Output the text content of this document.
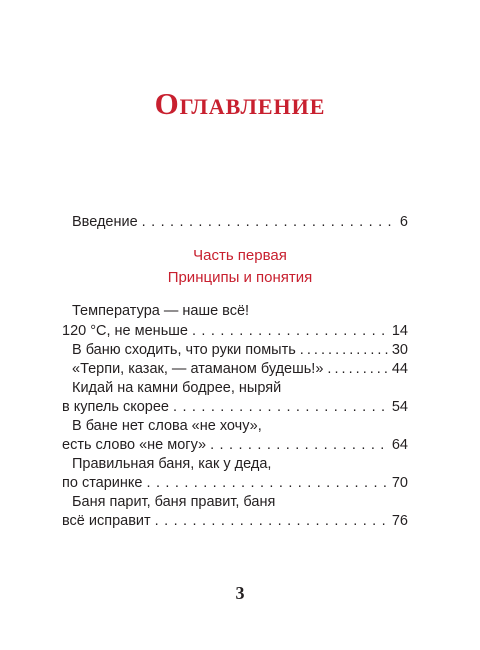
Оглавление
Введение . . .	6
Часть первая
Принципы и понятия
Температура — наше всё!
120 °С, не меньше . . .	14
В баню сходить, что руки помыть . . .	30
«Терпи, казак, — атаманом будешь!» . . .	44
Кидай на камни бодрее, ныряй
в купель скорее . . .	54
В бане нет слова «не хочу»,
есть слово «не могу» . . .	64
Правильная баня, как у деда,
по старинке . . .	70
Баня парит, баня правит, баня
всё исправит . . .	76
3
